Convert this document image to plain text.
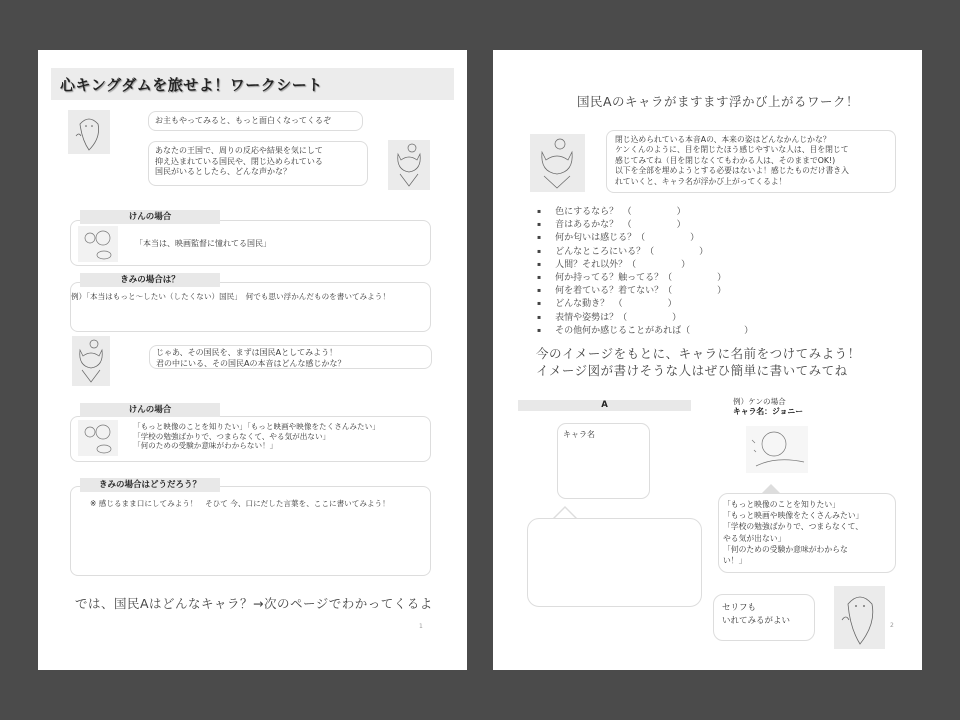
心キングダムを旅せよ！ワークシート
お主もやってみると、もっと面白くなってくるぞ
あなたの王国で、周りの反応や結果を気にして
抑え込まれている国民や、閉じ込められている
国民がいるとしたら、どんな声かな？
けんの場合
「本当は、映画監督に憧れてる国民」
きみの場合は？
例）「本当はもっと～したい（したくない）国民」　何でも思い浮かんだものを書いてみよう！
じゃあ、その国民を、まずは国民Aとしてみよう！
君の中にいる、その国民Aの本音はどんな感じかな？
けんの場合
「もっと映像のことを知りたい」「もっと映画や映像をたくさんみたい」
「学校の勉強ばかりで、つまらなくて、やる気が出ない」
「何のための受験か意味がわからない！」
きみの場合はどうだろう？
※ 感じるまま口にしてみよう！　そひて 今、口にだした言葉を、ここに書いてみよう！
では、国民Aはどんなキャラ？→次のページでわかってくるよ
1
国民Aのキャラがますます浮かび上がるワーク！
閉じ込められている本音Aの、本来の姿はどんなかんじかな？
ケンくんのように、目を閉じたほう感じやすいな人は、目を閉じて
感じてみてね（目を閉じなくてもわかる人は、そのままでOK!)
以下を全部を埋めようとする必要はないよ！感じたものだけ書き入
れていくと、キャラ名が浮かび上がってくるよ！
▪ 色にするなら？　（　　　　　）
▪ 音はあるかな？　（　　　　　）
▪ 何か匂いは感じる？（　　　　　）
▪ どんなところにいる？（　　　　　）
▪ 人間？それ以外？（　　　　　）
▪ 何か持ってる？触ってる？（　　　　　）
▪ 何を着ている？着てない？（　　　　　）
▪ どんな動き？　（　　　　　）
▪ 表情や姿勢は？（　　　　　）
▪ その他何か感じることがあれば（　　　　　　）
今のイメージをもとに、キャラに名前をつけてみよう！
イメージ図が書けそうな人はぜひ簡単に書いてみてね
A
キャラ名
例）ケンの場合
キャラ名：ジョニー
「もっと映像のことを知りたい」
「もっと映画や映像をたくさんみたい」
「学校の勉強ばかりで、つまらなくて、
やる気が出ない」
「何のための受験か意味がわからな
い！」
セリフも
いれてみるがよい	2
